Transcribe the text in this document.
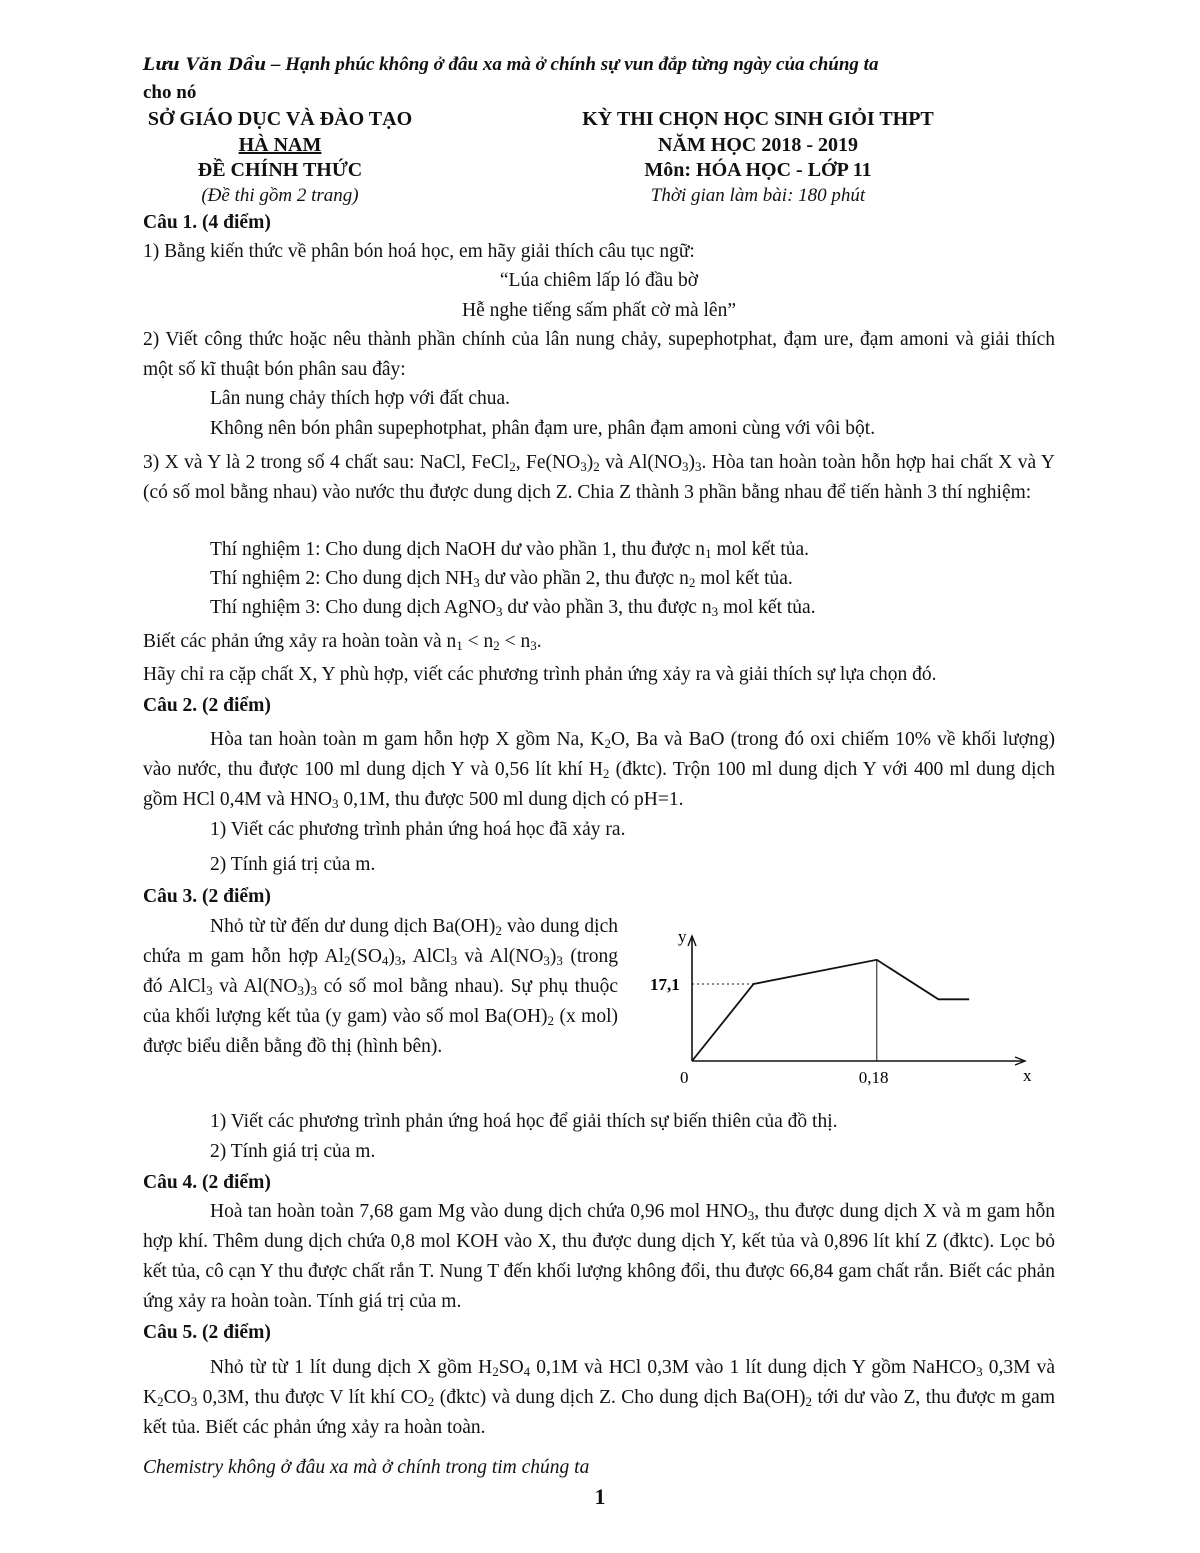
Lưu Văn Dầu – Hạnh phúc không ở đâu xa mà ở chính sự vun đắp từng ngày của chúng ta
cho nó
SỞ GIÁO DỤC VÀ ĐÀO TẠO
HÀ NAM
ĐỀ CHÍNH THỨC
(Đề thi gồm 2 trang)
KỲ THI CHỌN HỌC SINH GIỎI THPT
NĂM HỌC 2018 - 2019
Môn: HÓA HỌC - LỚP 11
Thời gian làm bài: 180 phút
Câu 1. (4 điểm)
1) Bằng kiến thức về phân bón hoá học, em hãy giải thích câu tục ngữ:
“Lúa chiêm lấp ló đầu bờ
Hễ nghe tiếng sấm phất cờ mà lên”
2) Viết công thức hoặc nêu thành phần chính của lân nung chảy, supephotphat, đạm ure, đạm amoni và giải thích một số kĩ thuật bón phân sau đây:
Lân nung chảy thích hợp với đất chua.
Không nên bón phân supephotphat, phân đạm ure, phân đạm amoni cùng với vôi bột.
3) X và Y là 2 trong số 4 chất sau: NaCl, FeCl$_2$, $Fe(NO_3)_2$ và $Al(NO_3)_3$. Hòa tan hoàn toàn hỗn hợp hai chất X và Y (có số mol bằng nhau) vào nước thu được dung dịch Z. Chia Z thành 3 phần bằng nhau để tiến hành 3 thí nghiệm:
Thí nghiệm 1: Cho dung dịch NaOH dư vào phần 1, thu được $n_1$ mol kết tủa.
Thí nghiệm 2: Cho dung dịch $NH_3$ dư vào phần 2, thu được $n_2$ mol kết tủa.
Thí nghiệm 3: Cho dung dịch AgNO$_3$ dư vào phần 3, thu được $n_3$ mol kết tủa.
Biết các phản ứng xảy ra hoàn toàn và $n_1 < n_2 < n_3$.
Hãy chỉ ra cặp chất X, Y phù hợp, viết các phương trình phản ứng xảy ra và giải thích sự lựa chọn đó.
Câu 2. (2 điểm)
Hòa tan hoàn toàn m gam hỗn hợp X gồm Na, $K_2O$, Ba và BaO (trong đó oxi chiếm 10% về khối lượng) vào nước, thu được 100 ml dung dịch Y và 0,56 lít khí $H_2$ (đktc). Trộn 100 ml dung dịch Y với 400 ml dung dịch gồm HCl 0,4M và $HNO_3$ 0,1M, thu được 500 ml dung dịch có pH=1.
1) Viết các phương trình phản ứng hoá học đã xảy ra.
2) Tính giá trị của m.
Câu 3. (2 điểm)
Nhỏ từ từ đến dư dung dịch $Ba(OH)_2$ vào dung dịch chứa m gam hỗn hợp $Al_2(SO_4)_3$, AlCl$_3$ và $Al(NO_3)_3$ (trong đó AlCl$_3$ và $Al(NO_3)_3$ có số mol bằng nhau). Sự phụ thuộc của khối lượng kết tủa (y gam) vào số mol $Ba(OH)_2$ (x mol) được biểu diễn bằng đồ thị (hình bên).
0	0,18
17,1
x
y
1) Viết các phương trình phản ứng hoá học để giải thích sự biến thiên của đồ thị.
2) Tính giá trị của m.
Câu 4. (2 điểm)
Hoà tan hoàn toàn 7,68 gam Mg vào dung dịch chứa 0,96 mol $HNO_3$, thu được dung dịch X và m gam hỗn hợp khí. Thêm dung dịch chứa 0,8 mol KOH vào X, thu được dung dịch Y, kết tủa và 0,896 lít khí Z (đktc). Lọc bỏ kết tủa, cô cạn Y thu được chất rắn T. Nung T đến khối lượng không đổi, thu được 66,84 gam chất rắn. Biết các phản ứng xảy ra hoàn toàn. Tính giá trị của m.
Câu 5. (2 điểm)
Nhỏ từ từ 1 lít dung dịch X gồm $H_2SO_4$ 0,1M và HCl 0,3M vào 1 lít dung dịch Y gồm NaHCO$_3$ 0,3M và $K_2CO_3$ 0,3M, thu được V lít khí $CO_2$ (đktc) và dung dịch Z. Cho dung dịch $Ba(OH)_2$ tới dư vào Z, thu được m gam kết tủa. Biết các phản ứng xảy ra hoàn toàn.
Chemistry không ở đâu xa mà ở chính trong tim chúng ta
1
